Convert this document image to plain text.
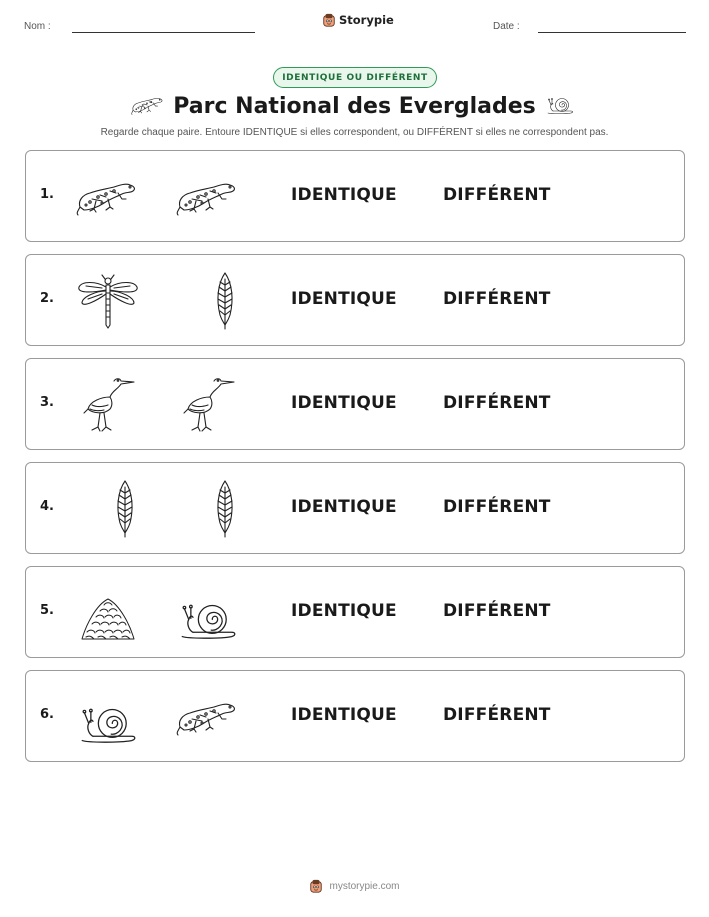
Nom :	Storypie	Date :
IDENTIQUE OU DIFFÉRENT
Parc National des Everglades
Regarde chaque paire. Entoure IDENTIQUE si elles correspondent, ou DIFFÉRENT si elles ne correspondent pas.
1.	IDENTIQUE	DIFFÉRENT
2.	IDENTIQUE	DIFFÉRENT
3.	IDENTIQUE	DIFFÉRENT
4.	IDENTIQUE	DIFFÉRENT
5.	IDENTIQUE	DIFFÉRENT
6.	IDENTIQUE	DIFFÉRENT
mystorypie.com
